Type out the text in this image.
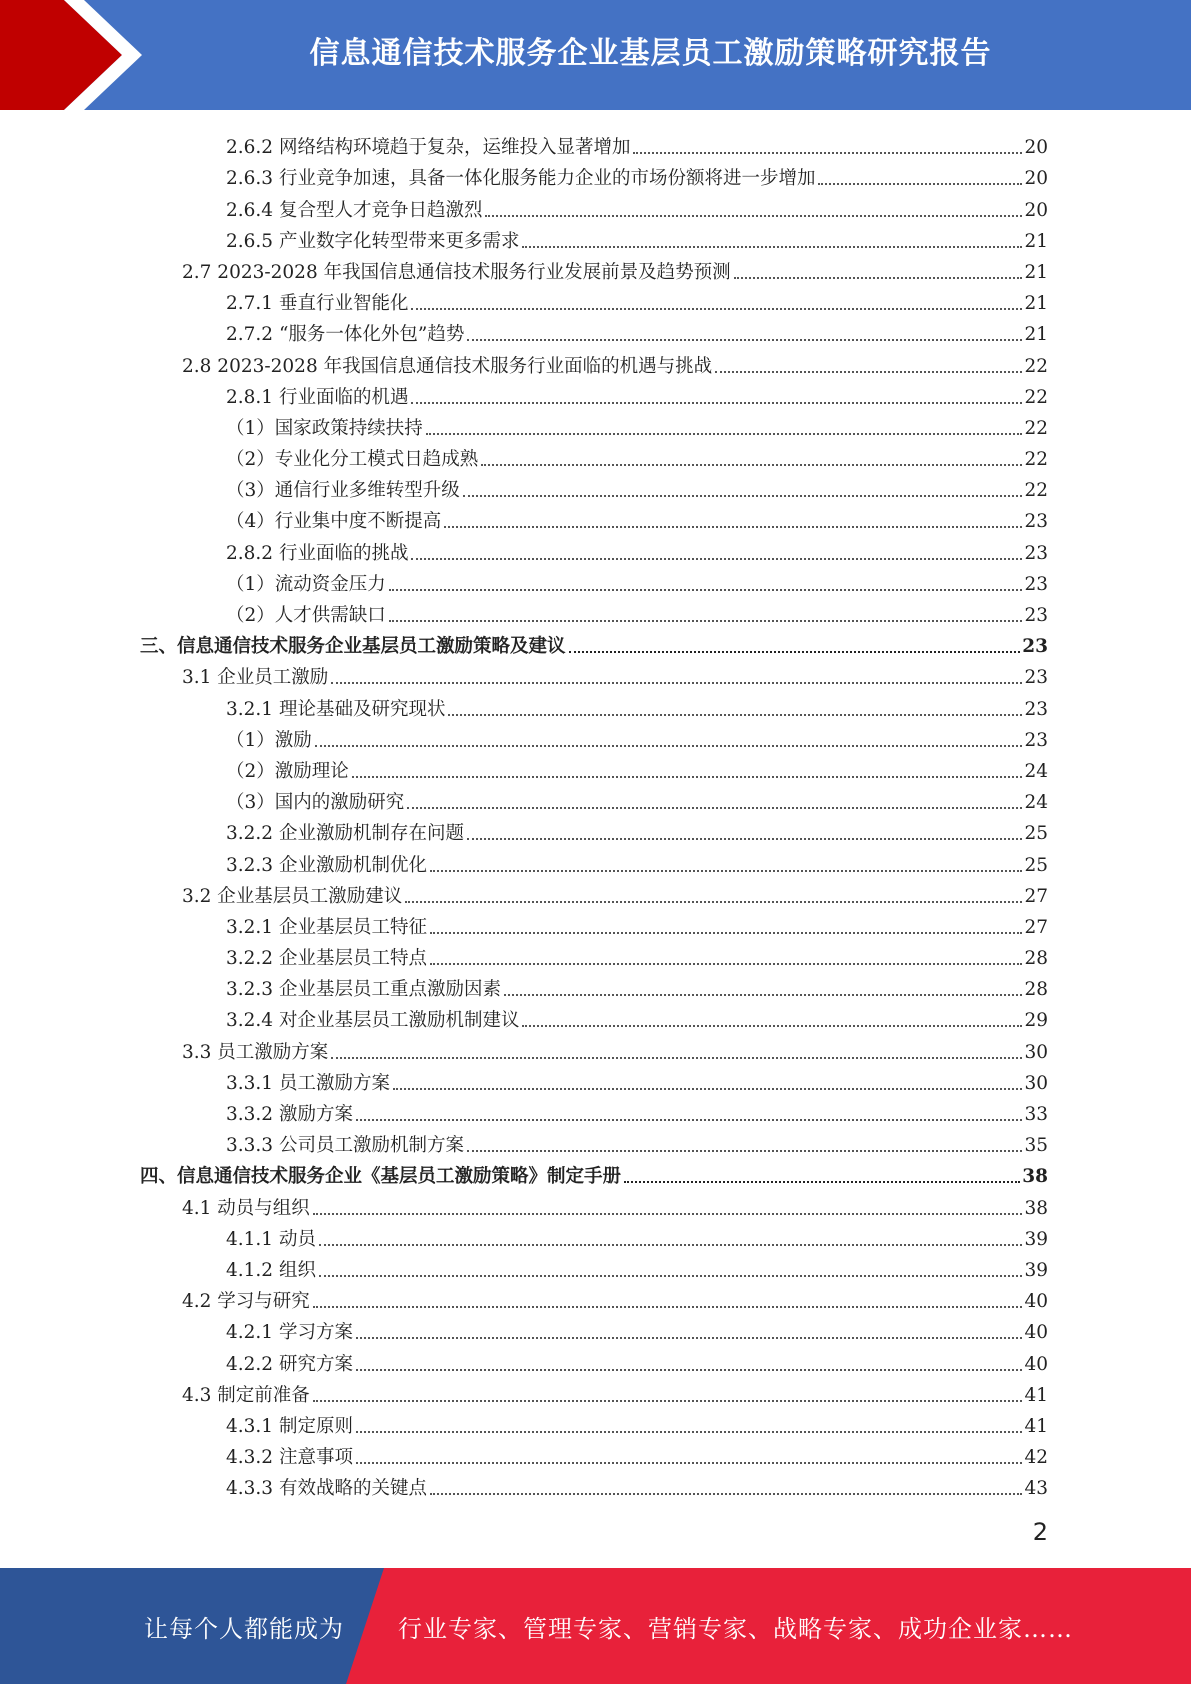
信息通信技术服务企业基层员工激励策略研究报告
2.6.2 网络结构环境趋于复杂，运维投入显著增加	20
2.6.3 行业竞争加速，具备一体化服务能力企业的市场份额将进一步增加	20
2.6.4 复合型人才竞争日趋激烈	20
2.6.5 产业数字化转型带来更多需求	21
2.7 2023-2028 年我国信息通信技术服务行业发展前景及趋势预测	21
2.7.1 垂直行业智能化	21
2.7.2 “服务一体化外包”趋势	21
2.8 2023-2028 年我国信息通信技术服务行业面临的机遇与挑战	22
2.8.1 行业面临的机遇	22
（1）国家政策持续扶持	22
（2）专业化分工模式日趋成熟	22
（3）通信行业多维转型升级	22
（4）行业集中度不断提高	23
2.8.2 行业面临的挑战	23
（1）流动资金压力	23
（2）人才供需缺口	23
三、信息通信技术服务企业基层员工激励策略及建议	23
3.1 企业员工激励	23
3.2.1 理论基础及研究现状	23
（1）激励	23
（2）激励理论	24
（3）国内的激励研究	24
3.2.2 企业激励机制存在问题	25
3.2.3 企业激励机制优化	25
3.2 企业基层员工激励建议	27
3.2.1 企业基层员工特征	27
3.2.2 企业基层员工特点	28
3.2.3 企业基层员工重点激励因素	28
3.2.4 对企业基层员工激励机制建议	29
3.3 员工激励方案	30
3.3.1 员工激励方案	30
3.3.2 激励方案	33
3.3.3 公司员工激励机制方案	35
四、信息通信技术服务企业《基层员工激励策略》制定手册	38
4.1 动员与组织	38
4.1.1 动员	39
4.1.2 组织	39
4.2 学习与研究	40
4.2.1 学习方案	40
4.2.2 研究方案	40
4.3 制定前准备	41
4.3.1 制定原则	41
4.3.2 注意事项	42
4.3.3 有效战略的关键点	43
2
让每个人都能成为 行业专家、管理专家、营销专家、战略专家、成功企业家……
